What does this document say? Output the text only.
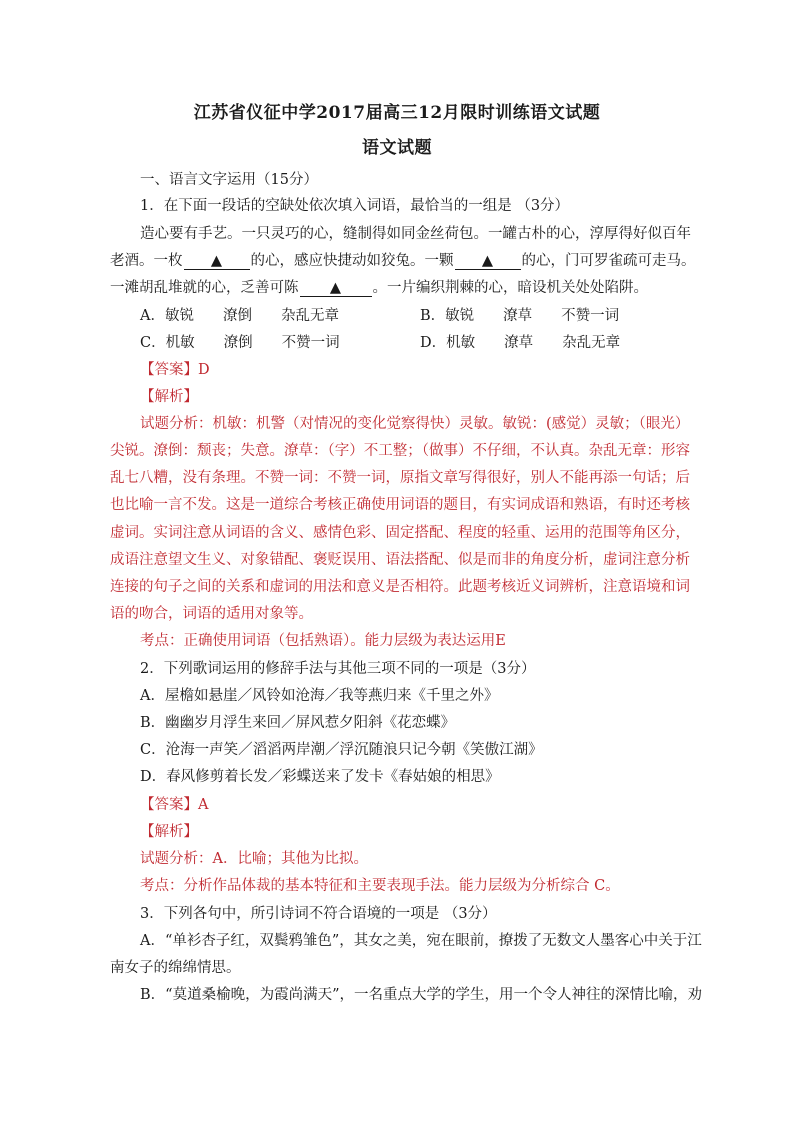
江苏省仪征中学2017届高三12月限时训练语文试题
语文试题
一、语言文字运用（15分）
1．在下面一段话的空缺处依次填入词语，最恰当的一组是 （3分）
造心要有手艺。一只灵巧的心，缝制得如同金丝荷包。一罐古朴的心，淳厚得好似百年
老酒。一枚 ▲ 的心，感应快捷动如狡兔。一颗 ▲ 的心，门可罗雀疏可走马。
一滩胡乱堆就的心，乏善可陈 ▲ 。一片编织荆棘的心，暗设机关处处陷阱。
A．敏锐　　潦倒　　杂乱无章	B．敏锐　　潦草　　不赞一词
C．机敏　　潦倒　　不赞一词	D．机敏　　潦草　　杂乱无章
【答案】D
【解析】
试题分析：机敏：机警（对情况的变化觉察得快）灵敏。敏锐：(感觉）灵敏；（眼光）
尖锐。潦倒：颓丧；失意。潦草：（字）不工整；（做事）不仔细，不认真。杂乱无章：形容
乱七八糟，没有条理。不赞一词：不赞一词，原指文章写得很好，别人不能再添一句话；后
也比喻一言不发。这是一道综合考核正确使用词语的题目，有实词成语和熟语，有时还考核
虚词。实词注意从词语的含义、感情色彩、固定搭配、程度的轻重、运用的范围等角区分，
成语注意望文生义、对象错配、褒贬误用、语法搭配、似是而非的角度分析，虚词注意分析
连接的句子之间的关系和虚词的用法和意义是否相符。此题考核近义词辨析，注意语境和词
语的吻合，词语的适用对象等。
考点：正确使用词语（包括熟语）。能力层级为表达运用E
2．下列歌词运用的修辞手法与其他三项不同的一项是（3分）
A．屋檐如悬崖／风铃如沧海／我等燕归来《千里之外》
B．幽幽岁月浮生来回／屏风惹夕阳斜《花恋蝶》
C．沧海一声笑／滔滔两岸潮／浮沉随浪只记今朝《笑傲江湖》
D．春风修剪着长发／彩蝶送来了发卡《春姑娘的相思》
【答案】A
【解析】
试题分析：A．比喻；其他为比拟。
考点：分析作品体裁的基本特征和主要表现手法。能力层级为分析综合 C。
3．下列各句中，所引诗词不符合语境的一项是 （3分）
A．“单衫杏子红，双鬓鸦雏色”，其女之美，宛在眼前，撩拨了无数文人墨客心中关于江
南女子的绵绵情思。
B．“莫道桑榆晚，为霞尚满天”，一名重点大学的学生，用一个令人神往的深情比喻，劝
